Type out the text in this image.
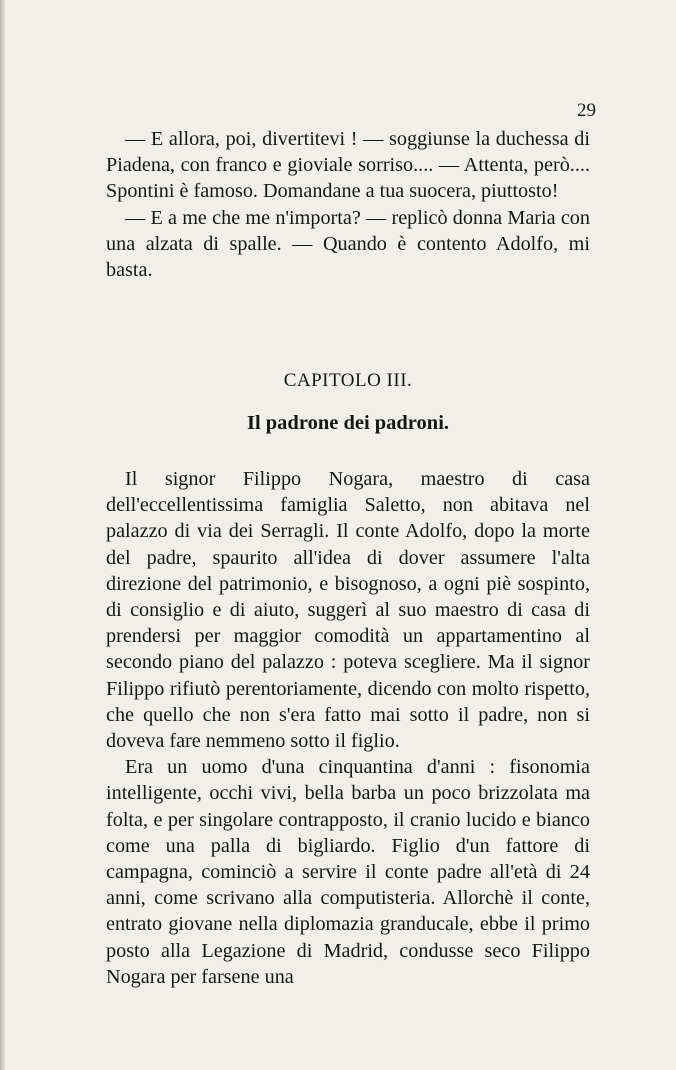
29

— E allora, poi, divertitevi ! — soggiunse la duchessa di Piadena, con franco e gioviale sorriso.... — Attenta, però.... Spontini è famoso. Domandane a tua suocera, piuttosto!

— E a me che me n'importa? — replicò donna Maria con una alzata di spalle. — Quando è contento Adolfo, mi basta.

CAPITOLO III.
Il padrone dei padroni.

Il signor Filippo Nogara, maestro di casa dell'eccellentissima famiglia Saletto, non abitava nel palazzo di via dei Serragli. Il conte Adolfo, dopo la morte del padre, spaurito all'idea di dover assumere l'alta direzione del patrimonio, e bisognoso, a ogni piè sospinto, di consiglio e di aiuto, suggerì al suo maestro di casa di prendersi per maggior comodità un appartamentino al secondo piano del palazzo : poteva scegliere. Ma il signor Filippo rifiutò perentoriamente, dicendo con molto rispetto, che quello che non s'era fatto mai sotto il padre, non si doveva fare nemmeno sotto il figlio.

Era un uomo d'una cinquantina d'anni : fisonomia intelligente, occhi vivi, bella barba un poco brizzolata ma folta, e per singolare contrapposto, il cranio lucido e bianco come una palla di bigliardo. Figlio d'un fattore di campagna, cominciò a servire il conte padre all'età di 24 anni, come scrivano alla computisteria. Allorchè il conte, entrato giovane nella diplomazia granducale, ebbe il primo posto alla Legazione di Madrid, condusse seco Filippo Nogara per farsene una
